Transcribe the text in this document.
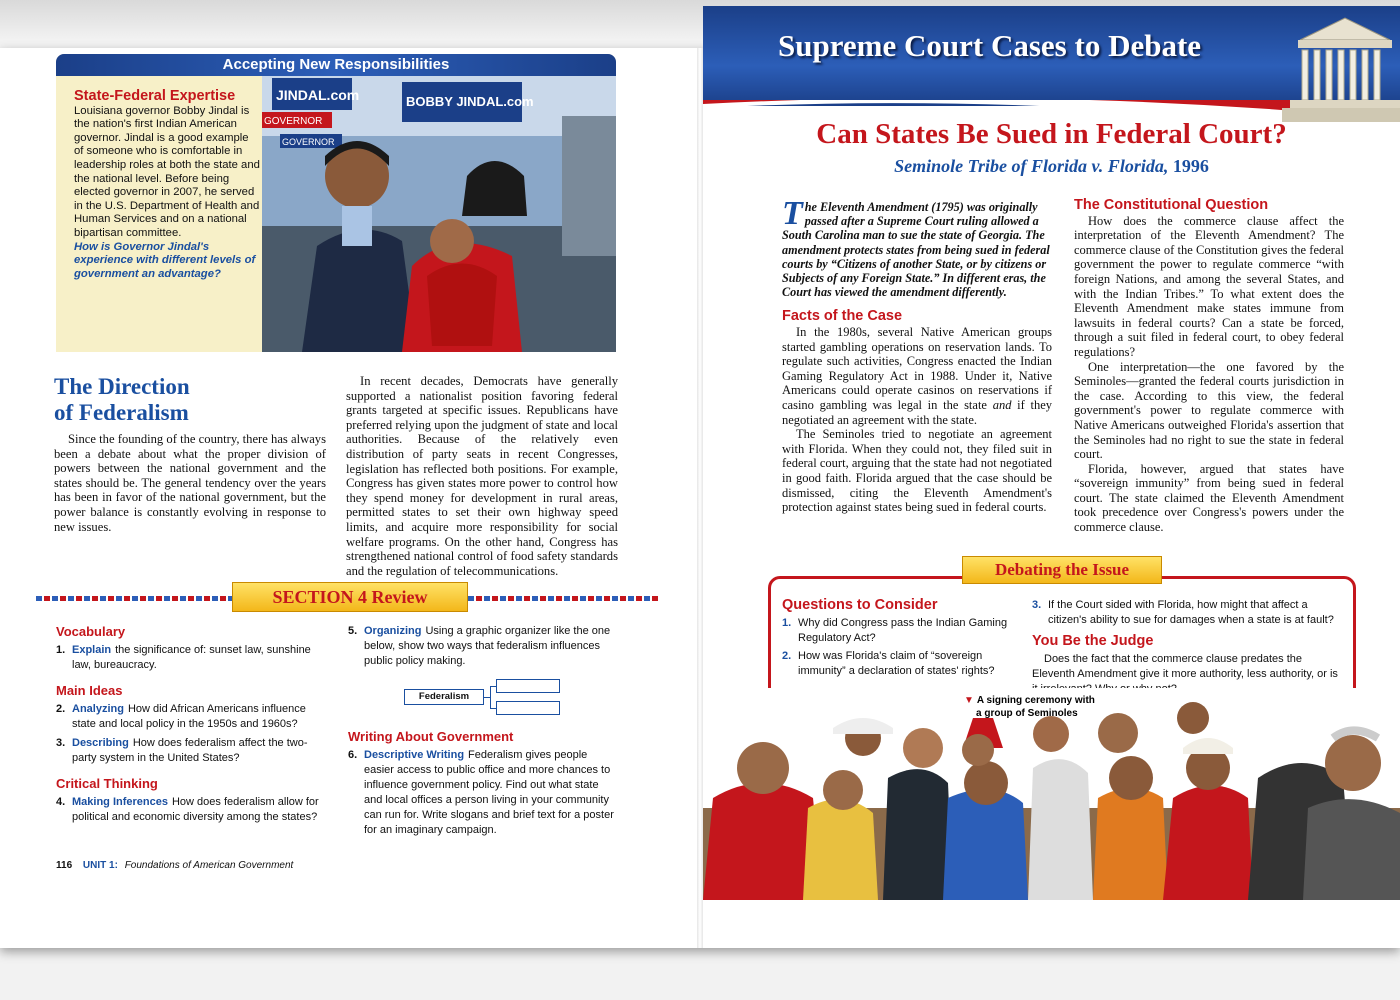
Accepting New Responsibilities
State-Federal Expertise
Louisiana governor Bobby Jindal is the nation's first Indian American governor. Jindal is a good example of someone who is comfortable in leadership roles at both the state and the national level. Before being elected governor in 2007, he served in the U.S. Department of Health and Human Services and on a national bipartisan committee.
How is Governor Jindal's experience with different levels of government an advantage?
JINDAL.com
GOVERNOR
BOBBY JINDAL.com
GOVERNOR
The Direction
of Federalism

Since the founding of the country, there has always been a debate about what the proper division of powers between the national government and the states should be. The general tendency over the years has been in favor of the national government, but the power balance is constantly evolving in response to new issues.

In recent decades, Democrats have generally supported a nationalist position favoring federal grants targeted at specific issues. Republicans have preferred relying upon the judgment of state and local authorities. Because of the relatively even distribution of party seats in recent Congresses, legislation has reflected both positions. For example, Congress has given states more power to control how they spend money for development in rural areas, permitted states to set their own highway speed limits, and acquire more responsibility for social welfare programs. On the other hand, Congress has strengthened national control of food safety standards and the regulation of telecommunications.

SECTION 4 Review
Vocabulary
1. Explain the significance of: sunset law, sunshine law, bureaucracy.
Main Ideas
2. Analyzing How did African Americans influence state and local policy in the 1950s and 1960s?
3. Describing How does federalism affect the two-party system in the United States?
Critical Thinking
4. Making Inferences How does federalism allow for political and economic diversity among the states?
5. Organizing Using a graphic organizer like the one below, show two ways that federalism influences public policy making.
Federalism
Writing About Government
6. Descriptive Writing Federalism gives people easier access to public office and more chances to influence government policy. Find out what state and local offices a person living in your community can run for. Write slogans and brief text for a poster for an imaginary campaign.
116 UNIT 1: Foundations of American Government
Supreme Court Cases to Debate
Can States Be Sued in Federal Court?
Seminole Tribe of Florida v. Florida, 1996
The Eleventh Amendment (1795) was originally passed after a Supreme Court ruling allowed a South Carolina man to sue the state of Georgia. The amendment protects states from being sued in federal courts by “Citizens of another State, or by citizens or Subjects of any Foreign State.” In different eras, the Court has viewed the amendment differently.
Facts of the Case

In the 1980s, several Native American groups started gambling operations on reservation lands. To regulate such activities, Congress enacted the Indian Gaming Regulatory Act in 1988. Under it, Native Americans could operate casinos on reservations if casino gambling was legal in the state and if they negotiated an agreement with the state.

The Seminoles tried to negotiate an agreement with Florida. When they could not, they filed suit in federal court, arguing that the state had not negotiated in good faith. Florida argued that the case should be dismissed, citing the Eleventh Amendment's protection against states being sued in federal courts.

The Constitutional Question

How does the commerce clause affect the interpretation of the Eleventh Amendment? The commerce clause of the Constitution gives the federal government the power to regulate commerce “with foreign Nations, and among the several States, and with the Indian Tribes.” To what extent does the Eleventh Amendment make states immune from lawsuits in federal courts? Can a state be forced, through a suit filed in federal court, to obey federal regulations?

One interpretation—the one favored by the Seminoles—granted the federal courts jurisdiction in the case. According to this view, the federal government's power to regulate commerce with Native Americans outweighed Florida's assertion that the Seminoles had no right to sue the state in federal court.

Florida, however, argued that states have “sovereign immunity” from being sued in federal court. The state claimed the Eleventh Amendment took precedence over Congress's powers under the commerce clause.

Debating the Issue
Questions to Consider
1. Why did Congress pass the Indian Gaming Regulatory Act?
2. How was Florida's claim of “sovereign immunity” a declaration of states' rights?
3. If the Court sided with Florida, how might that affect a citizen's ability to sue for damages when a state is at fault?
You Be the Judge
Does the fact that the commerce clause predates the Eleventh Amendment give it more authority, less authority, or is
▼ A signing ceremony with
a group of Seminoles
